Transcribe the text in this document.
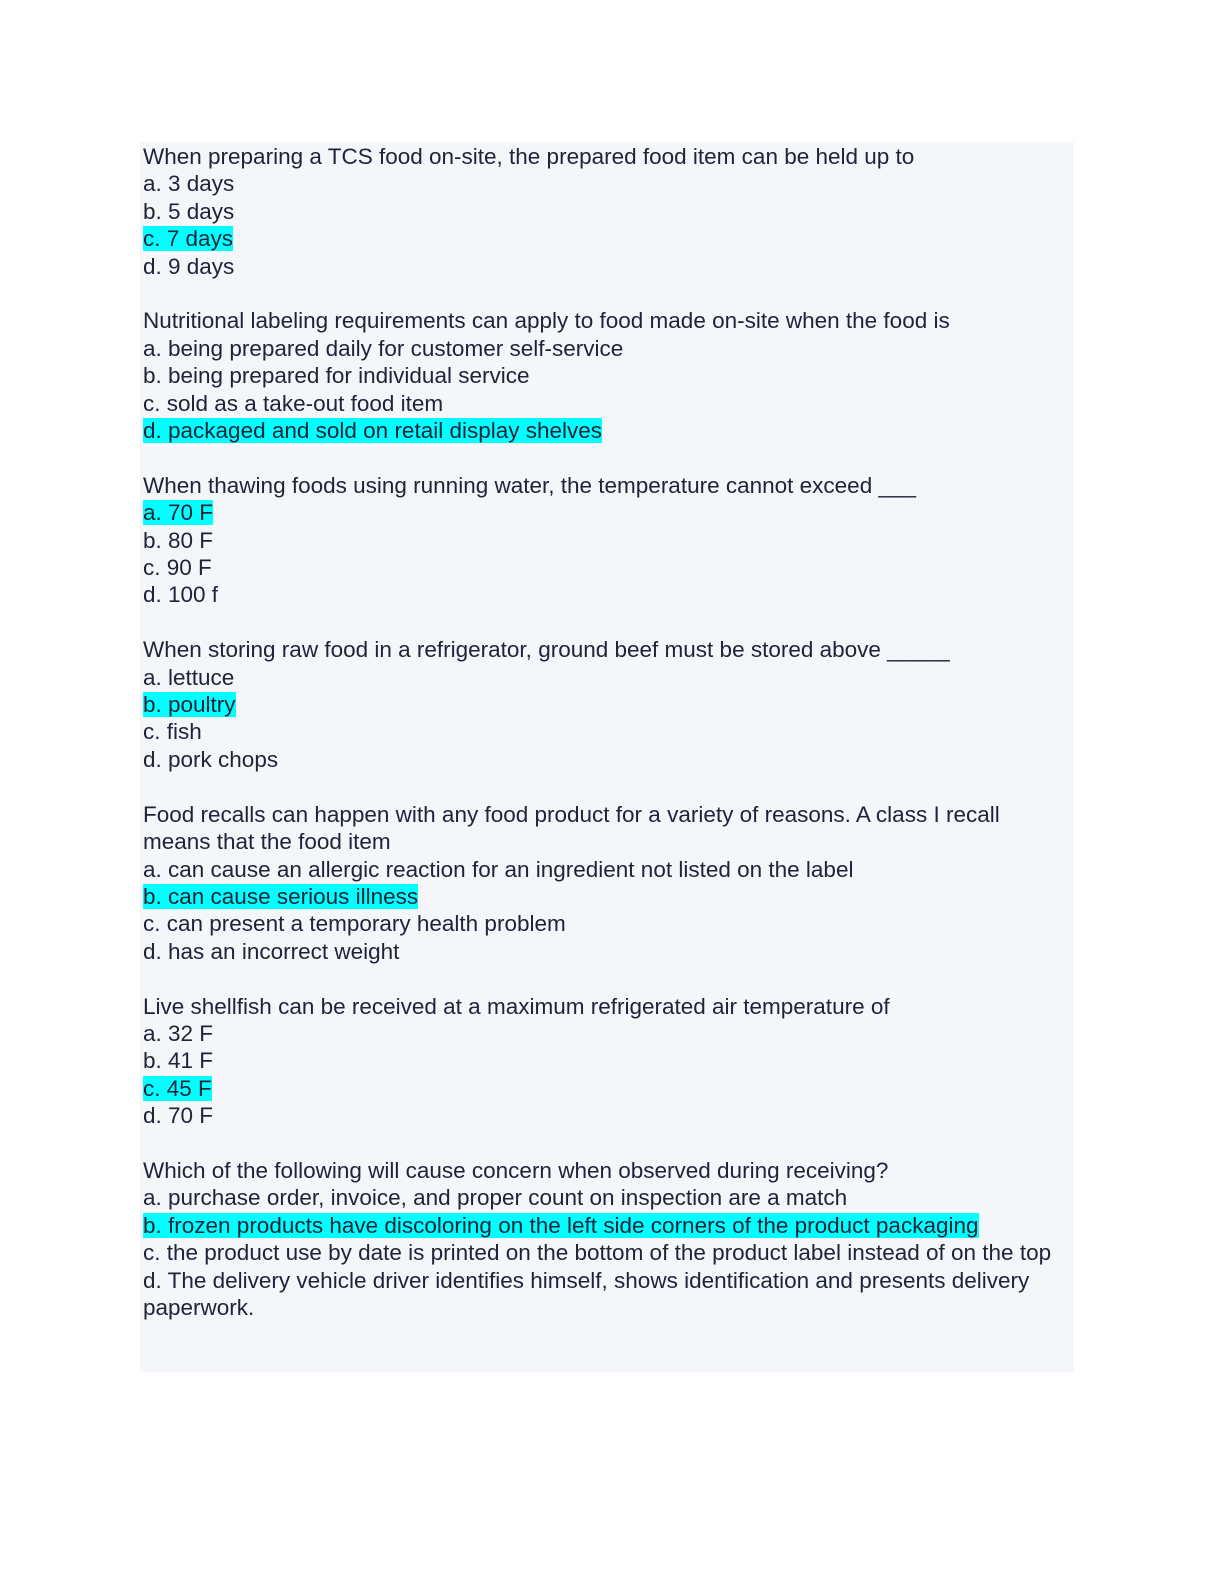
When preparing a TCS food on-site, the prepared food item can be held up to
a. 3 days
b. 5 days
c. 7 days
d. 9 days
Nutritional labeling requirements can apply to food made on-site when the food is
a. being prepared daily for customer self-service
b. being prepared for individual service
c. sold as a take-out food item
d. packaged and sold on retail display shelves
When thawing foods using running water, the temperature cannot exceed ___
a. 70 F
b. 80 F
c. 90 F
d. 100 f
When storing raw food in a refrigerator, ground beef must be stored above _____
a. lettuce
b. poultry
c. fish
d. pork chops
Food recalls can happen with any food product for a variety of reasons. A class I recall means that the food item
a. can cause an allergic reaction for an ingredient not listed on the label
b. can cause serious illness
c. can present a temporary health problem
d. has an incorrect weight
Live shellfish can be received at a maximum refrigerated air temperature of
a. 32 F
b. 41 F
c. 45 F
d. 70 F
Which of the following will cause concern when observed during receiving?
a. purchase order, invoice, and proper count on inspection are a match
b. frozen products have discoloring on the left side corners of the product packaging
c. the product use by date is printed on the bottom of the product label instead of on the top
d. The delivery vehicle driver identifies himself, shows identification and presents delivery paperwork.
